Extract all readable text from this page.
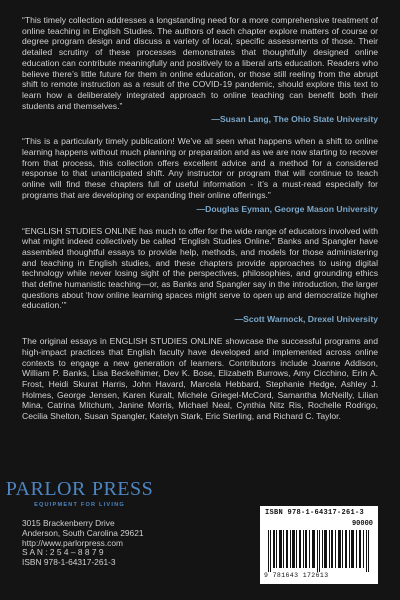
“This timely collection addresses a longstanding need for a more comprehensive treatment of online teaching in English Studies. The authors of each chapter explore matters of course or degree program design and discuss a variety of local, specific assessments of those. Their detailed scrutiny of these processes demonstrates that thoughtfully designed online education can contribute meaningfully and positively to a liberal arts education. Readers who believe there’s little future for them in online education, or those still reeling from the abrupt shift to remote instruction as a result of the COVID-19 pandemic, should explore this text to learn how a deliberately integrated approach to online teaching can benefit both their students and themselves.”

—Susan Lang, The Ohio State University

“This is a particularly timely publication! We’ve all seen what happens when a shift to online learning happens without much planning or preparation and as we are now starting to recover from that process, this collection offers excellent advice and a method for a considered response to that unanticipated shift. Any instructor or program that will continue to teach online will find these chapters full of useful information - it’s a must-read especially for programs that are developing or expanding their online offerings.”

—Douglas Eyman, George Mason University

“ENGLISH STUDIES ONLINE has much to offer for the wide range of educators involved with what might indeed collectively be called “English Studies Online.” Banks and Spangler have assembled thoughtful essays to provide help, methods, and models for those administering and teaching in English studies, and these chapters provide approaches to using digital technology while never losing sight of the perspectives, philosophies, and grounding ethics that define humanistic teaching—or, as Banks and Spangler say in the introduction, the larger questions about ‘how online learning spaces might serve to open up and democratize higher education.’”

—Scott Warnock, Drexel University

The original essays in ENGLISH STUDIES ONLINE showcase the successful programs and high-impact practices that English faculty have developed and implemented across online contexts to engage a new generation of learners. Contributors include Joanne Addison, William P. Banks, Lisa Beckelhimer, Dev K. Bose, Elizabeth Burrows, Amy Cicchino, Erin A. Frost, Heidi Skurat Harris, John Havard, Marcela Hebbard, Stephanie Hedge, Ashley J. Holmes, George Jensen, Karen Kuralt, Michele Griegel-McCord, Samantha McNeilly, Lilian Mina, Catrina Mitchum, Janine Morris, Michael Neal, Cynthia Nitz Ris, Rochelle Rodrigo, Cecilia Shelton, Susan Spangler, Katelyn Stark, Eric Sterling, and Richard C. Taylor.

PARLOR PRESS
EQUIPMENT FOR LIVING
3015 Brackenberry Drive
Anderson, South Carolina 29621
http://www.parlorpress.com
S A N : 2 5 4 – 8 8 7 9
ISBN 978-1-64317-261-3
ISBN 978-1-64317-261-3
90000
9 781643 172613
